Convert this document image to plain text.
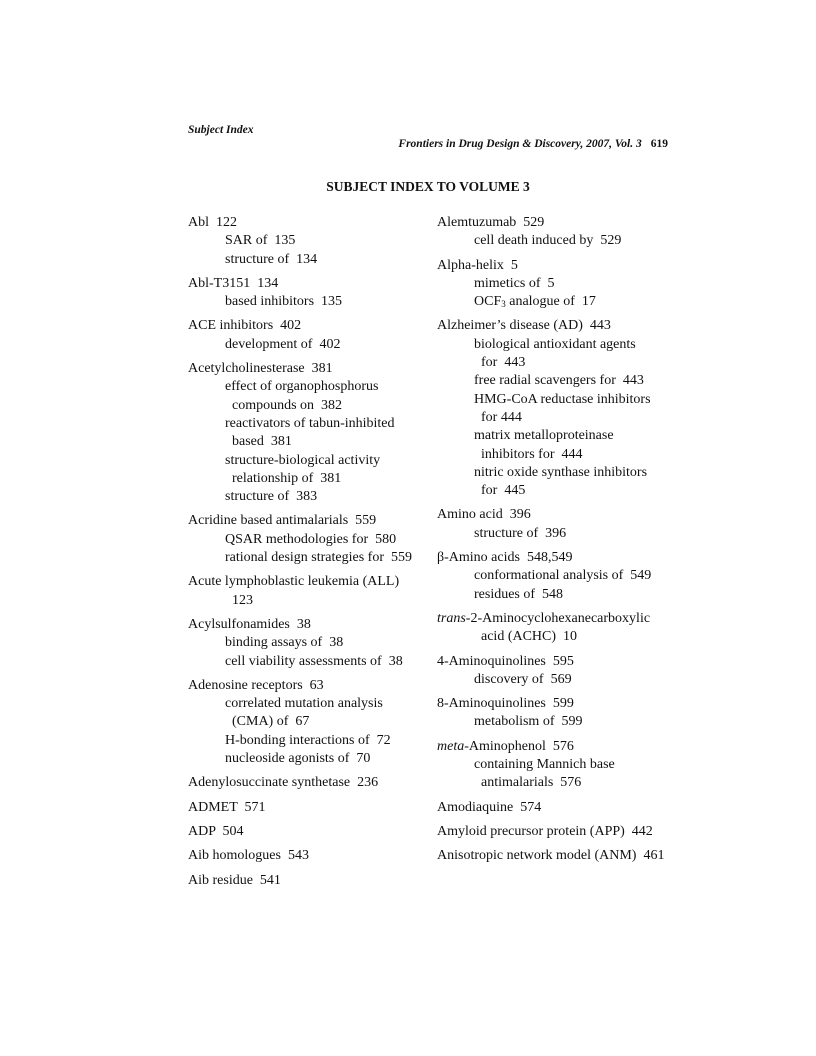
Subject Index

Frontiers in Drug Design & Discovery, 2007, Vol. 3 619

SUBJECT INDEX TO VOLUME 3
Abl  122
SAR of  135
structure of  134
Abl-T3151  134
based inhibitors  135
ACE inhibitors  402
development of  402
Acetylcholinesterase  381
effect of organophosphorus
compounds on  382
reactivators of tabun-inhibited
based  381
structure-biological activity
relationship of  381
structure of  383
Acridine based antimalarials  559
QSAR methodologies for  580
rational design strategies for  559
Acute lymphoblastic leukemia (ALL)
123
Acylsulfonamides  38
binding assays of  38
cell viability assessments of  38
Adenosine receptors  63
correlated mutation analysis
(CMA) of  67
H-bonding interactions of  72
nucleoside agonists of  70
Adenylosuccinate synthetase  236
ADMET  571
ADP  504
Aib homologues  543
Aib residue  541
Alemtuzumab  529
cell death induced by  529
Alpha-helix  5
mimetics of  5
$OCF_3$ analogue of  17
Alzheimer’s disease (AD)  443
biological antioxidant agents
for  443
free radial scavengers for  443
HMG-CoA reductase inhibitors
for 444
matrix metalloproteinase
inhibitors for  444
nitric oxide synthase inhibitors
for  445
Amino acid  396
structure of  396
β-Amino acids  548,549
conformational analysis of  549
residues of  548
trans-2-Aminocyclohexanecarboxylic
acid (ACHC)  10
4-Aminoquinolines  595
discovery of  569
8-Aminoquinolines  599
metabolism of  599
meta-Aminophenol  576
containing Mannich base
antimalarials  576
Amodiaquine  574
Amyloid precursor protein (APP)  442
Anisotropic network model (ANM)  461
